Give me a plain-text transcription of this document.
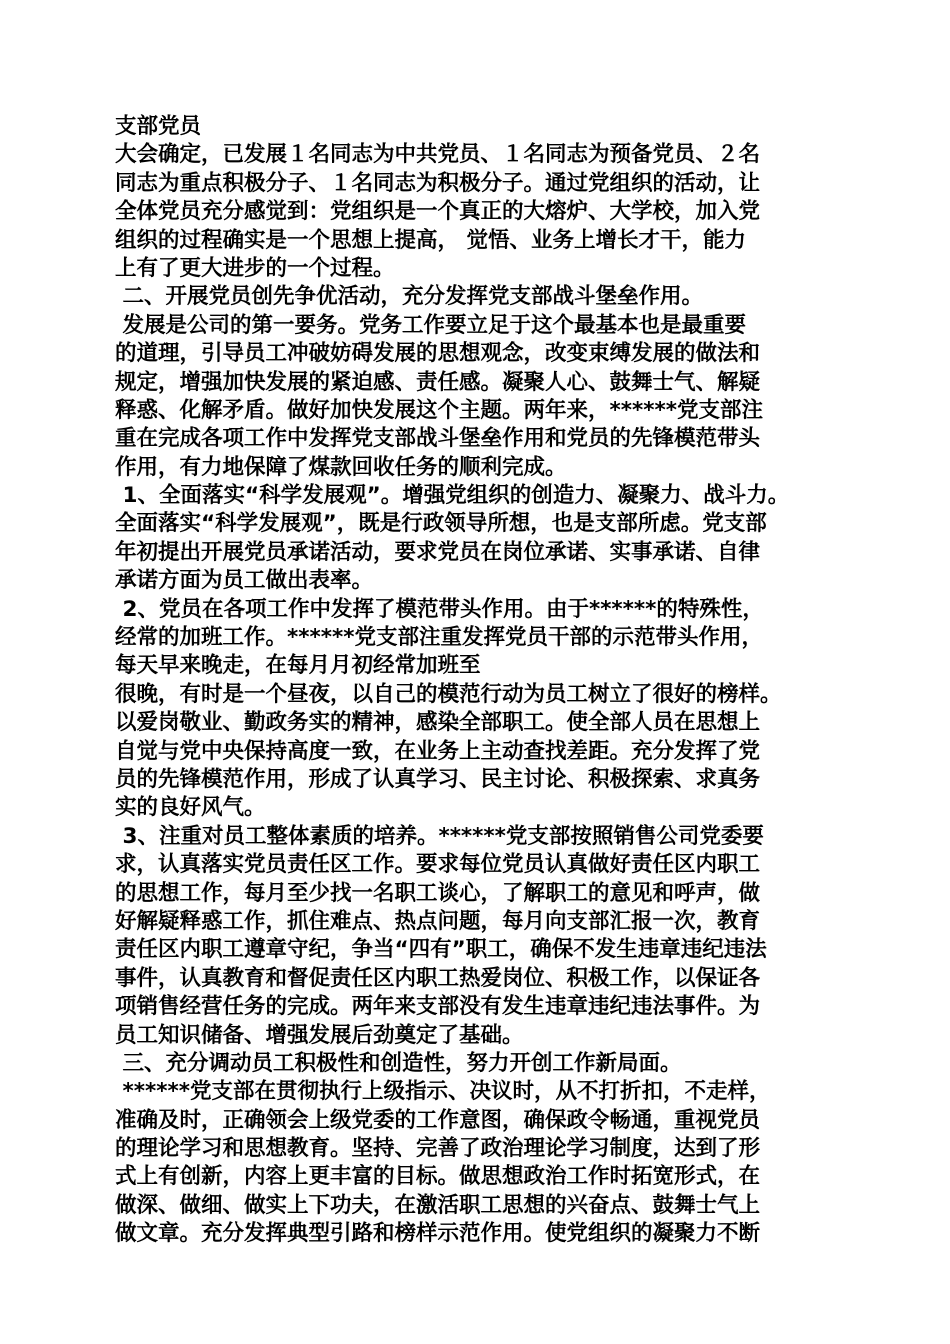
支部党员
大会确定，已发展１名同志为中共党员、１名同志为预备党员、２名
同志为重点积极分子、１名同志为积极分子。通过党组织的活动，让
全体党员充分感觉到：党组织是一个真正的大熔炉、大学校，加入党
组织的过程确实是一个思想上提高， 觉悟、业务上增长才干，能力
上有了更大进步的一个过程。
二、开展党员创先争优活动，充分发挥党支部战斗堡垒作用。
发展是公司的第一要务。党务工作要立足于这个最基本也是最重要
的道理，引导员工冲破妨碍发展的思想观念，改变束缚发展的做法和
规定，增强加快发展的紧迫感、责任感。凝聚人心、鼓舞士气、解疑
释惑、化解矛盾。做好加快发展这个主题。两年来，******党支部注
重在完成各项工作中发挥党支部战斗堡垒作用和党员的先锋模范带头
作用，有力地保障了煤款回收任务的顺利完成。
1、全面落实“科学发展观”。增强党组织的创造力、凝聚力、战斗力。
全面落实“科学发展观”，既是行政领导所想，也是支部所虑。党支部
年初提出开展党员承诺活动，要求党员在岗位承诺、实事承诺、自律
承诺方面为员工做出表率。
2、党员在各项工作中发挥了模范带头作用。由于******的特殊性，
经常的加班工作。******党支部注重发挥党员干部的示范带头作用，
每天早来晚走，在每月月初经常加班至
很晚，有时是一个昼夜，以自己的模范行动为员工树立了很好的榜样。
以爱岗敬业、勤政务实的精神，感染全部职工。使全部人员在思想上
自觉与党中央保持高度一致，在业务上主动查找差距。充分发挥了党
员的先锋模范作用，形成了认真学习、民主讨论、积极探索、求真务
实的良好风气。
3、注重对员工整体素质的培养。******党支部按照销售公司党委要
求，认真落实党员责任区工作。要求每位党员认真做好责任区内职工
的思想工作，每月至少找一名职工谈心，了解职工的意见和呼声，做
好解疑释惑工作，抓住难点、热点问题，每月向支部汇报一次，教育
责任区内职工遵章守纪，争当“四有”职工，确保不发生违章违纪违法
事件，认真教育和督促责任区内职工热爱岗位、积极工作，以保证各
项销售经营任务的完成。两年来支部没有发生违章违纪违法事件。为
员工知识储备、增强发展后劲奠定了基础。
三、充分调动员工积极性和创造性，努力开创工作新局面。
******党支部在贯彻执行上级指示、决议时，从不打折扣，不走样，
准确及时，正确领会上级党委的工作意图，确保政令畅通，重视党员
的理论学习和思想教育。坚持、完善了政治理论学习制度，达到了形
式上有创新，内容上更丰富的目标。做思想政治工作时拓宽形式，在
做深、做细、做实上下功夫，在激活职工思想的兴奋点、鼓舞士气上
做文章。充分发挥典型引路和榜样示范作用。使党组织的凝聚力不断
